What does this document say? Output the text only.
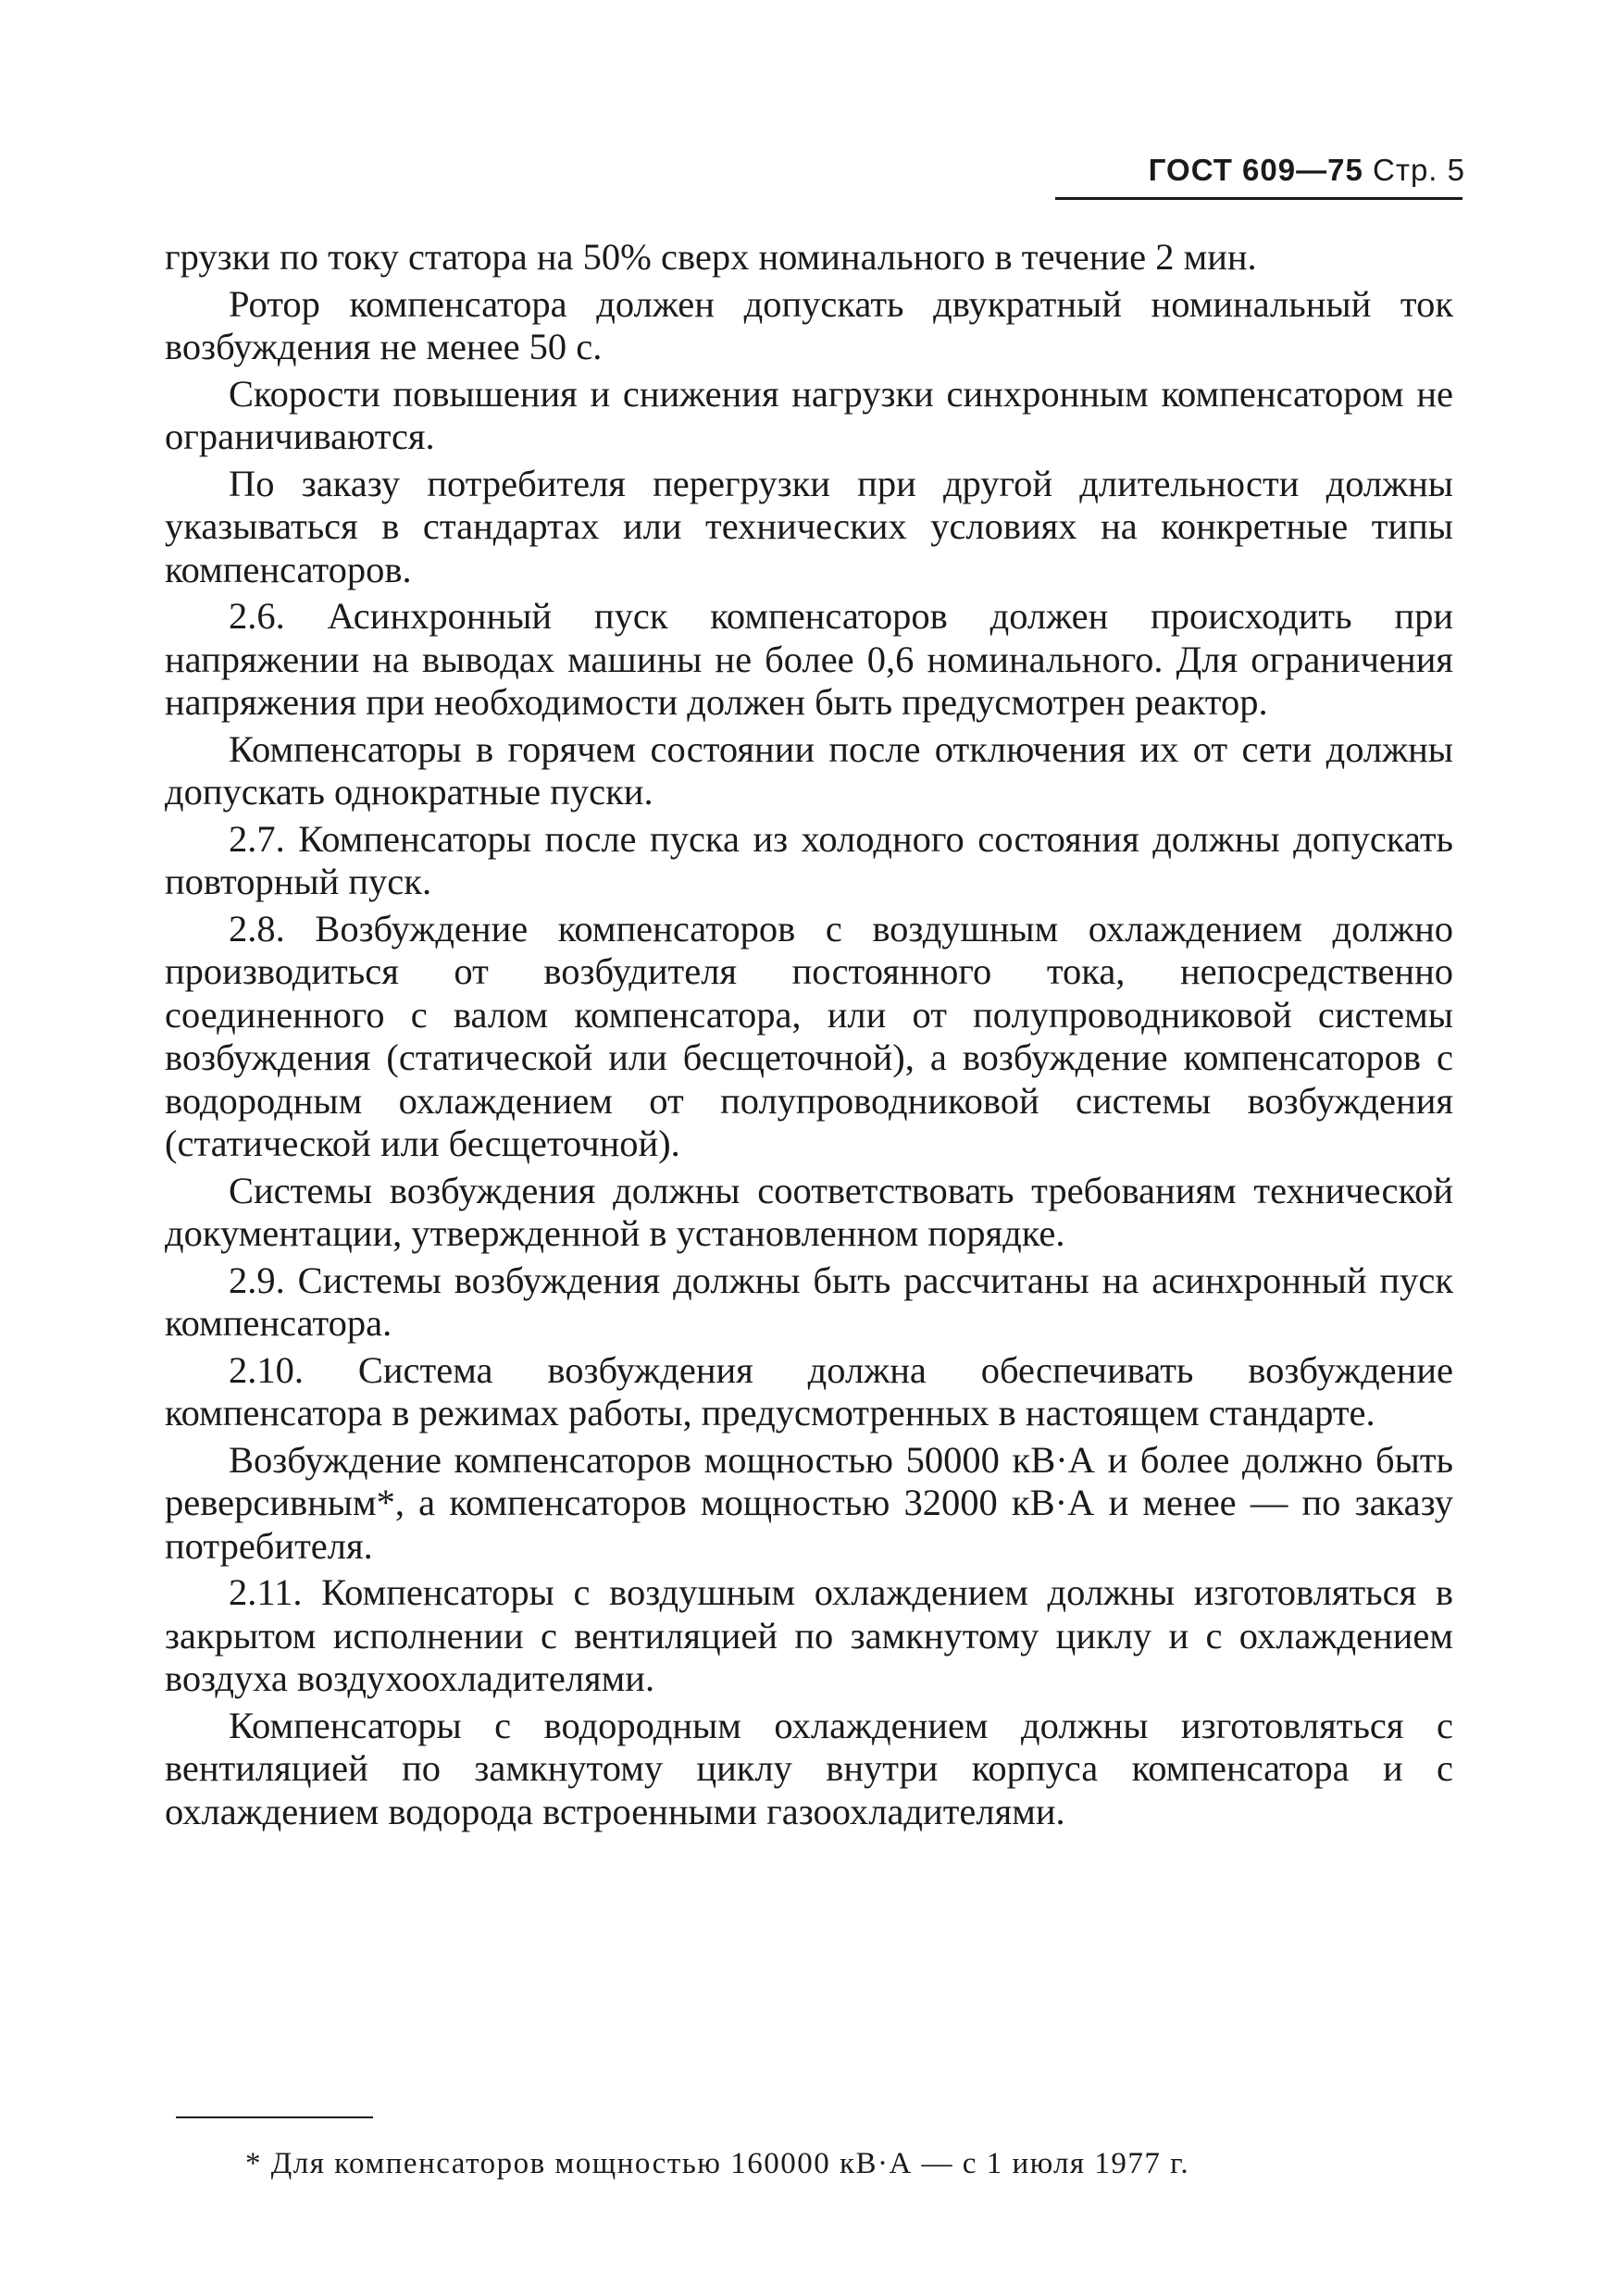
ГОСТ 609—75 Стр. 5

грузки по току статора на 50% сверх номинального в течение 2 мин.

Ротор компенсатора должен допускать двукратный номинальный ток возбуждения не менее 50 с.

Скорости повышения и снижения нагрузки синхронным компенсатором не ограничиваются.

По заказу потребителя перегрузки при другой длительности должны указываться в стандартах или технических условиях на конкретные типы компенсаторов.

2.6. Асинхронный пуск компенсаторов должен происходить при напряжении на выводах машины не более 0,6 номинального. Для ограничения напряжения при необходимости должен быть предусмотрен реактор.

Компенсаторы в горячем состоянии после отключения их от сети должны допускать однократные пуски.

2.7. Компенсаторы после пуска из холодного состояния должны допускать повторный пуск.

2.8. Возбуждение компенсаторов с воздушным охлаждением должно производиться от возбудителя постоянного тока, непосредственно соединенного с валом компенсатора, или от полупроводниковой системы возбуждения (статической или бесщеточной), а возбуждение компенсаторов с водородным охлаждением от полупроводниковой системы возбуждения (статической или бесщеточной).

Системы возбуждения должны соответствовать требованиям технической документации, утвержденной в установленном порядке.

2.9. Системы возбуждения должны быть рассчитаны на асинхронный пуск компенсатора.

2.10. Система возбуждения должна обеспечивать возбуждение компенсатора в режимах работы, предусмотренных в настоящем стандарте.

Возбуждение компенсаторов мощностью 50000 кВ·А и более должно быть реверсивным*, а компенсаторов мощностью 32000 кВ·А и менее — по заказу потребителя.

2.11. Компенсаторы с воздушным охлаждением должны изготовляться в закрытом исполнении с вентиляцией по замкнутому циклу и с охлаждением воздуха воздухоохладителями.

Компенсаторы с водородным охлаждением должны изготовляться с вентиляцией по замкнутому циклу внутри корпуса компенсатора и с охлаждением водорода встроенными газоохладителями.

* Для компенсаторов мощностью 160000 кВ·А — с 1 июля 1977 г.
